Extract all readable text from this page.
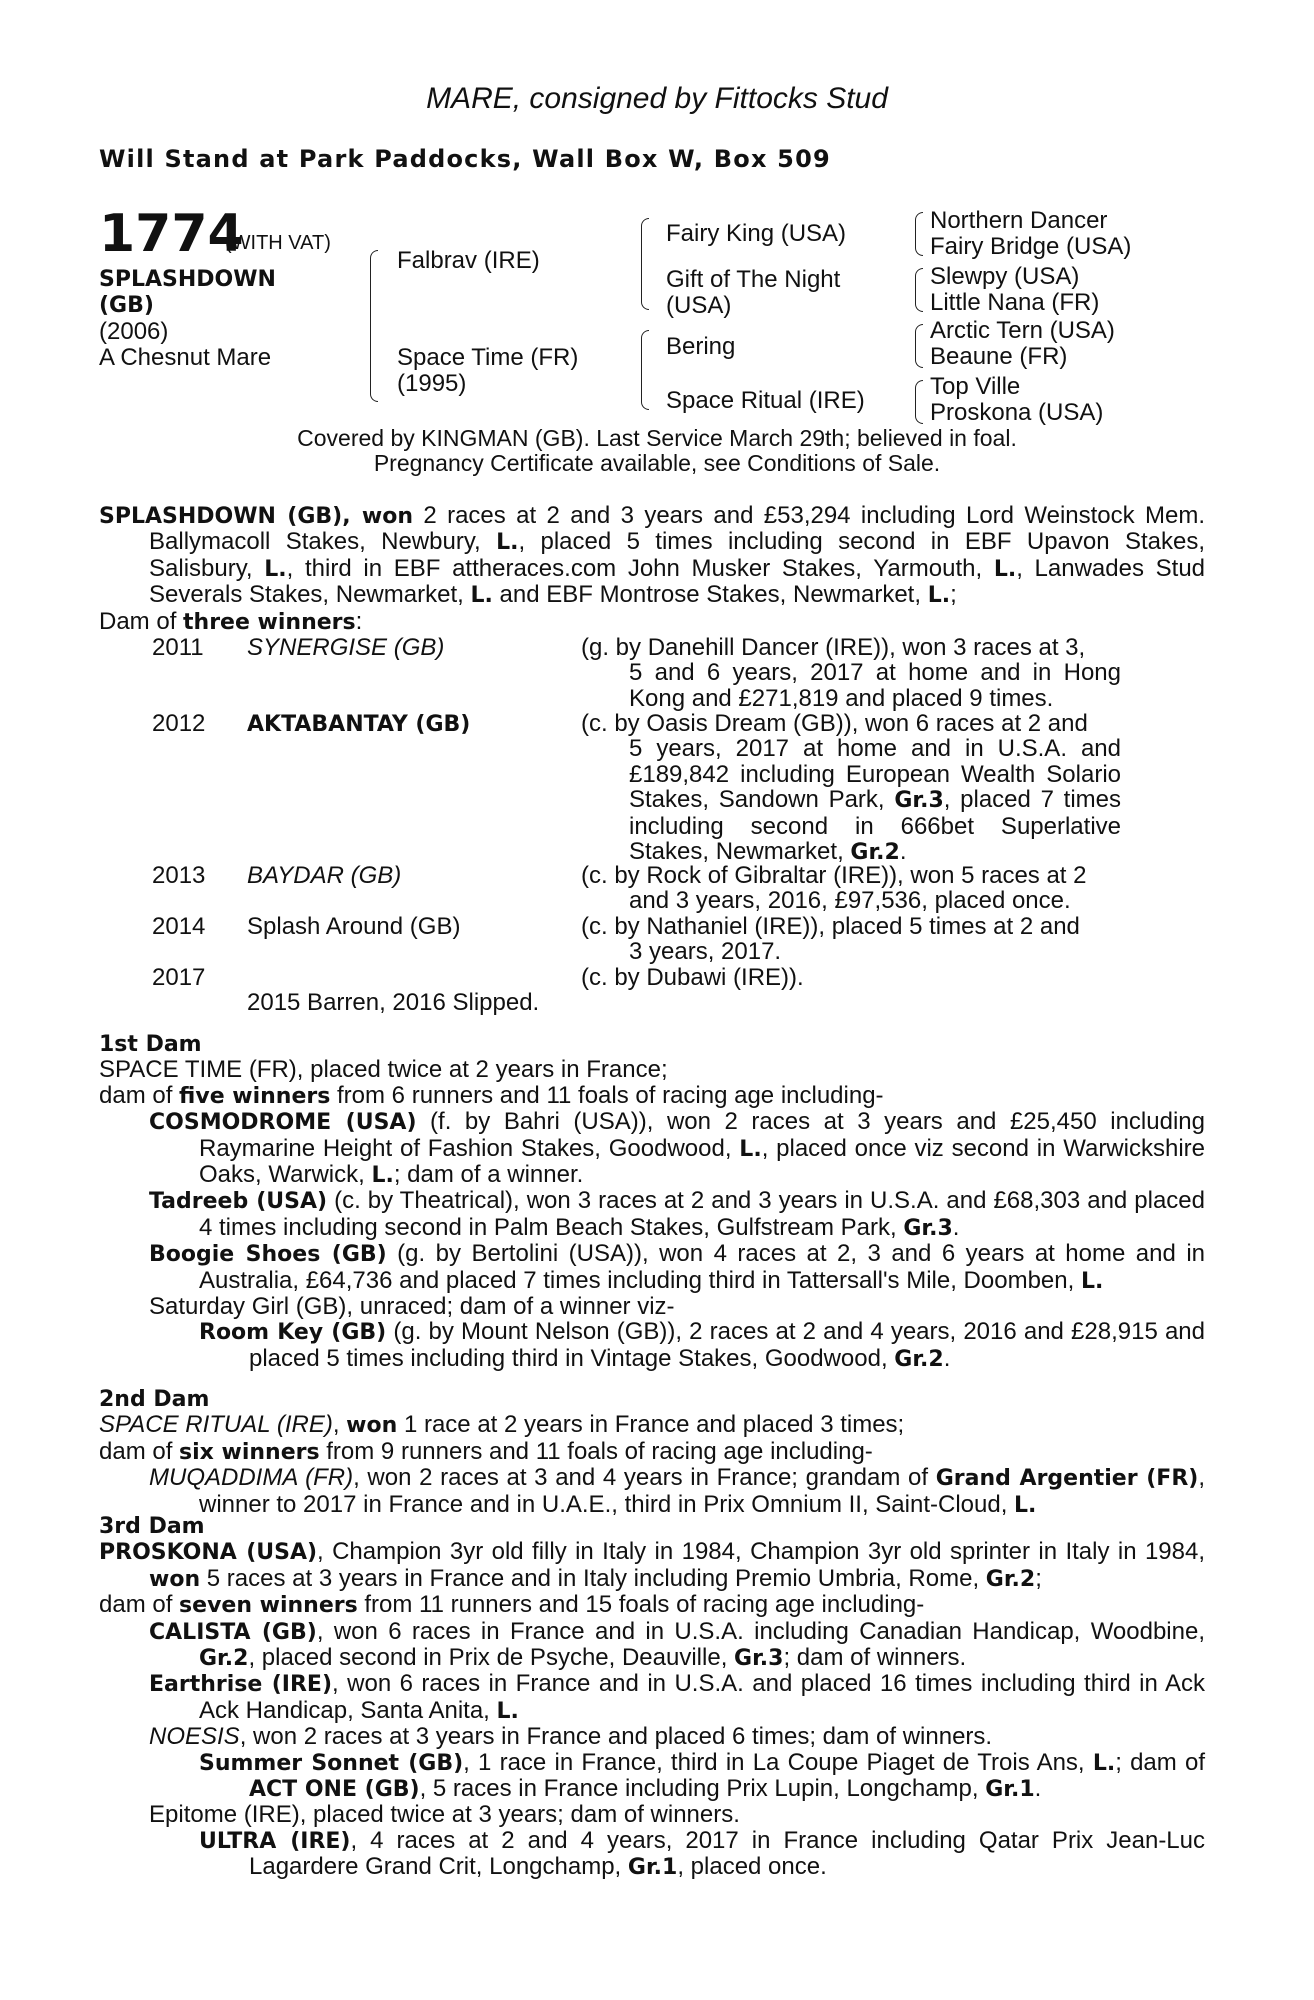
MARE, consigned by Fittocks Stud
Will Stand at Park Paddocks, Wall Box W, Box 509
1774
(WITH VAT)
SPLASHDOWN
(GB)
(2006)
A Chesnut Mare
Falbrav (IRE)
Space Time (FR)
(1995)
Fairy King (USA)
Gift of The Night
(USA)
Bering
Space Ritual (IRE)
Northern Dancer
Fairy Bridge (USA)
Slewpy (USA)
Little Nana (FR)
Arctic Tern (USA)
Beaune (FR)
Top Ville
Proskona (USA)
Covered by KINGMAN (GB). Last Service March 29th; believed in foal.
Pregnancy Certificate available, see Conditions of Sale.
SPLASHDOWN (GB), won 2 races at 2 and 3 years and £53,294 including Lord Weinstock Mem. Ballymacoll Stakes, Newbury, L., placed 5 times including second in EBF Upavon Stakes, Salisbury, L., third in EBF attheraces.com John Musker Stakes, Yarmouth, L., Lanwades Stud Severals Stakes, Newmarket, L. and EBF Montrose Stakes, Newmarket, L.;
Dam of three winners:
2011 SYNERGISE (GB)	(g. by Danehill Dancer (IRE)), won 3 races at 3,
5 and 6 years, 2017 at home and in Hong Kong and £271,819 and placed 9 times.
2012 AKTABANTAY (GB)	(c. by Oasis Dream (GB)), won 6 races at 2 and
5 years, 2017 at home and in U.S.A. and £189,842 including European Wealth Solario Stakes, Sandown Park, Gr.3, placed 7 times including second in 666bet Superlative Stakes, Newmarket, Gr.2.
2013 BAYDAR (GB)	(c. by Rock of Gibraltar (IRE)), won 5 races at 2
and 3 years, 2016, £97,536, placed once.
2014 Splash Around (GB)	(c. by Nathaniel (IRE)), placed 5 times at 2 and
3 years, 2017.
2017	(c. by Dubawi (IRE)).
2015 Barren, 2016 Slipped.
1st Dam
SPACE TIME (FR), placed twice at 2 years in France;
dam of five winners from 6 runners and 11 foals of racing age including-
COSMODROME (USA) (f. by Bahri (USA)), won 2 races at 3 years and £25,450 including Raymarine Height of Fashion Stakes, Goodwood, L., placed once viz second in Warwickshire Oaks, Warwick, L.; dam of a winner.
Tadreeb (USA) (c. by Theatrical), won 3 races at 2 and 3 years in U.S.A. and £68,303 and placed 4 times including second in Palm Beach Stakes, Gulfstream Park, Gr.3.
Boogie Shoes (GB) (g. by Bertolini (USA)), won 4 races at 2, 3 and 6 years at home and in Australia, £64,736 and placed 7 times including third in Tattersall's Mile, Doomben, L.
Saturday Girl (GB), unraced; dam of a winner viz-
Room Key (GB) (g. by Mount Nelson (GB)), 2 races at 2 and 4 years, 2016 and £28,915 and placed 5 times including third in Vintage Stakes, Goodwood, Gr.2.
2nd Dam
SPACE RITUAL (IRE), won 1 race at 2 years in France and placed 3 times;
dam of six winners from 9 runners and 11 foals of racing age including-
MUQADDIMA (FR), won 2 races at 3 and 4 years in France; grandam of Grand Argentier (FR), winner to 2017 in France and in U.A.E., third in Prix Omnium II, Saint-Cloud, L.
3rd Dam
PROSKONA (USA), Champion 3yr old filly in Italy in 1984, Champion 3yr old sprinter in Italy in 1984, won 5 races at 3 years in France and in Italy including Premio Umbria, Rome, Gr.2;
dam of seven winners from 11 runners and 15 foals of racing age including-
CALISTA (GB), won 6 races in France and in U.S.A. including Canadian Handicap, Woodbine, Gr.2, placed second in Prix de Psyche, Deauville, Gr.3; dam of winners.
Earthrise (IRE), won 6 races in France and in U.S.A. and placed 16 times including third in Ack Ack Handicap, Santa Anita, L.
NOESIS, won 2 races at 3 years in France and placed 6 times; dam of winners.
Summer Sonnet (GB), 1 race in France, third in La Coupe Piaget de Trois Ans, L.; dam of ACT ONE (GB), 5 races in France including Prix Lupin, Longchamp, Gr.1.
Epitome (IRE), placed twice at 3 years; dam of winners.
ULTRA (IRE), 4 races at 2 and 4 years, 2017 in France including Qatar Prix Jean-Luc Lagardere Grand Crit, Longchamp, Gr.1, placed once.
